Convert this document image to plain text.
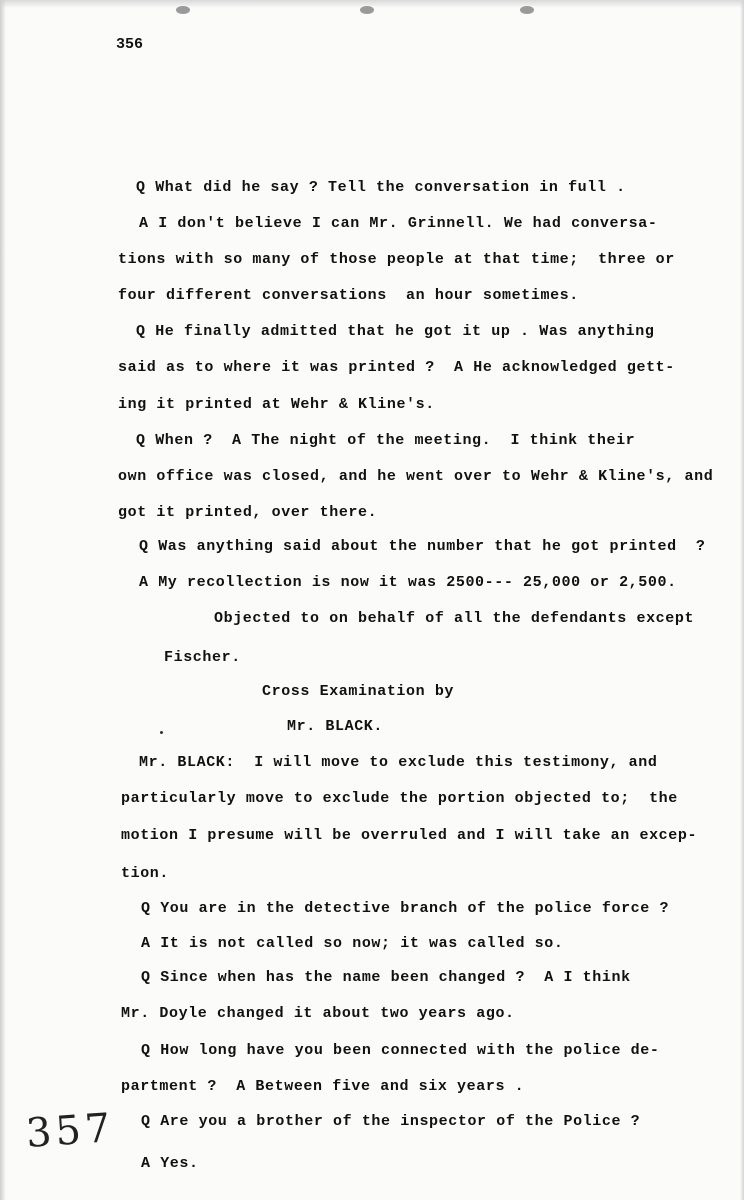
356
Q What did he say ? Tell the conversation in full .
A I don't believe I can Mr. Grinnell. We had conversa-
tions with so many of those people at that time;  three or
four different conversations  an hour sometimes.
Q He finally admitted that he got it up . Was anything
said as to where it was printed ?  A He acknowledged gett-
ing it printed at Wehr & Kline's.
Q When ?  A The night of the meeting.  I think their
own office was closed, and he went over to Wehr & Kline's, and
got it printed, over there.
Q Was anything said about the number that he got printed  ?
A My recollection is now it was 2500--- 25,000 or 2,500.
Objected to on behalf of all the defendants except
Fischer.
Cross Examination by
Mr. BLACK.
Mr. BLACK:  I will move to exclude this testimony, and
particularly move to exclude the portion objected to;  the
motion I presume will be overruled and I will take an excep-
tion.
Q You are in the detective branch of the police force ?
A It is not called so now; it was called so.
Q Since when has the name been changed ?  A I think
Mr. Doyle changed it about two years ago.
Q How long have you been connected with the police de-
partment ?  A Between five and six years .
Q Are you a brother of the inspector of the Police ?
A Yes.
357
